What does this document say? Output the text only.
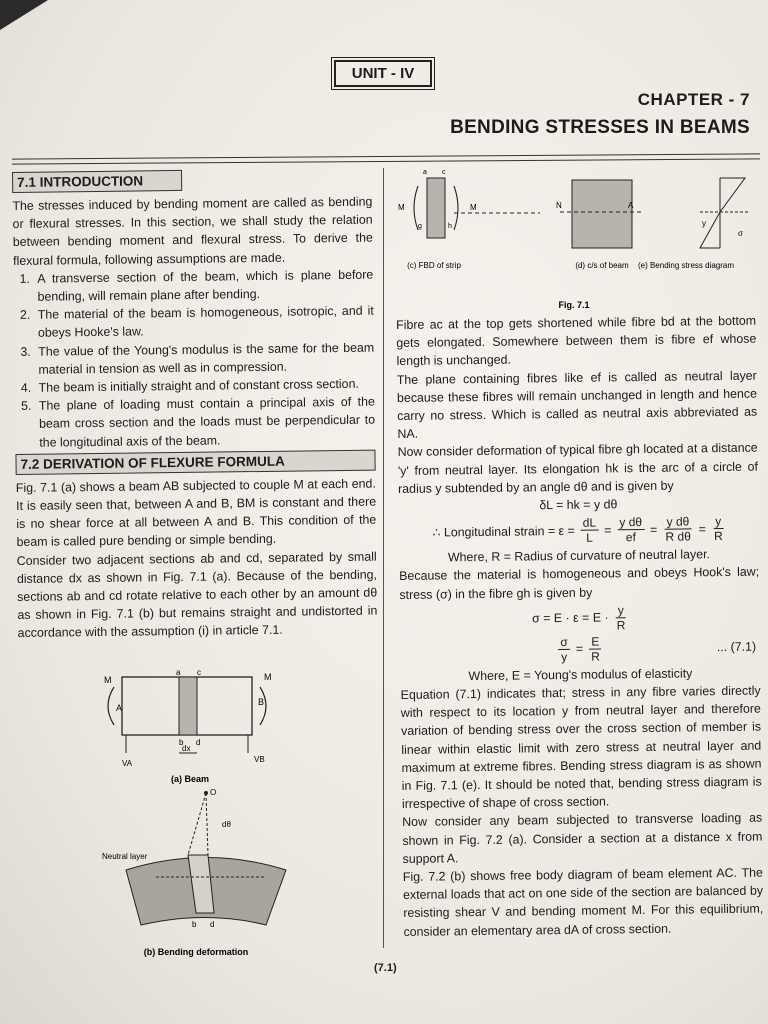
UNIT - IV
CHAPTER - 7
BENDING STRESSES IN BEAMS
7.1 INTRODUCTION

The stresses induced by bending moment are called as bending or flexural stresses. In this section, we shall study the relation between bending moment and flexural stress. To derive the flexural formula, following assumptions are made.

1. A transverse section of the beam, which is plane before bending, will remain plane after bending.
2. The material of the beam is homogeneous, isotropic, and it obeys Hooke's law.
3. The value of the Young's modulus is the same for the beam material in tension as well as in compression.
4. The beam is initially straight and of constant cross section.
5. The plane of loading must contain a principal axis of the beam cross section and the loads must be perpendicular to the longitudinal axis of the beam.
7.2 DERIVATION OF FLEXURE FORMULA

Fig. 7.1 (a) shows a beam AB subjected to couple M at each end. It is easily seen that, between A and B, BM is constant and there is no shear force at all between A and B. This condition of the beam is called pure bending or simple bending.

Consider two adjacent sections ab and cd, separated by small distance dx as shown in Fig. 7.1 (a). Because of the bending, sections ab and cd rotate relative to each other by an amount dθ as shown in Fig. 7.1 (b) but remains straight and undistorted in accordance with the assumption (i) in article 7.1.

M	M
A
B
a c
b d
dx
VA	VB
(a) Beam
O
dθ
Neutral layer
b d
(b) Bending deformation
M	M
a c
g	h
(c) FBD of strip
N	A
(d) c/s of beam
σ
y
(e) Bending stress diagram
Fig. 7.1

Fibre ac at the top gets shortened while fibre bd at the bottom gets elongated. Somewhere between them is fibre ef whose length is unchanged.

The plane containing fibres like ef is called as neutral layer because these fibres will remain unchanged in length and hence carry no stress. Which is called as neutral axis abbreviated as NA.

Now consider deformation of typical fibre gh located at a distance 'y' from neutral layer. Its elongation hk is the arc of a circle of radius y subtended by an angle dθ and is given by

δL = hk = y dθ

∴ Longitudinal strain = $\varepsilon = \frac{dL}{L} = \frac{\text{y dθ}}{ef} = \frac{\text{y dθ}}{\text{R dθ}} = \frac{y}{R}$

Where, R = Radius of curvature of neutral layer.

Because the material is homogeneous and obeys Hook's law; stress (σ) in the fibre gh is given by

$\sigma = E \cdot \varepsilon = E \cdot \frac{y}{R}$
$\frac{\sigma}{y} = \frac{E}{R}$	... (7.1)

Where, E = Young's modulus of elasticity

Equation (7.1) indicates that; stress in any fibre varies directly with respect to its location y from neutral layer and therefore variation of bending stress over the cross section of member is linear within elastic limit with zero stress at neutral layer and maximum at extreme fibres. Bending stress diagram is as shown in Fig. 7.1 (e). It should be noted that, bending stress diagram is irrespective of shape of cross section.

Now consider any beam subjected to transverse loading as shown in Fig. 7.2 (a). Consider a section at a distance x from support A.

Fig. 7.2 (b) shows free body diagram of beam element AC. The external loads that act on one side of the section are balanced by resisting shear V and bending moment M. For this equilibrium, consider an elementary area dA of cross section.

(7.1)
